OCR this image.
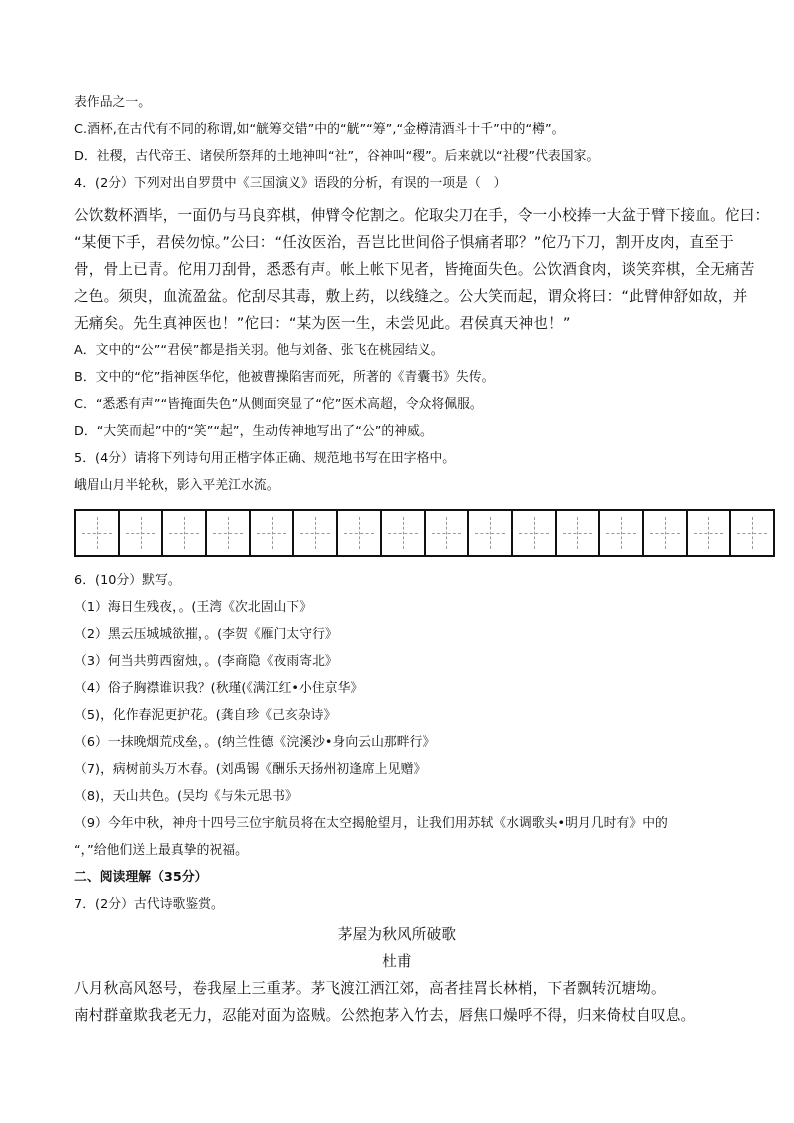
表作品之一。
C.酒杯,在古代有不同的称谓,如“觥筹交错”中的“觥”“筹”,“金樽清酒斗十千”中的“樽”。
D．社稷，古代帝王、诸侯所祭拜的土地神叫“社”，谷神叫“稷”。后来就以“社稷”代表国家。
4．(2分）下列对出自罗贯中《三国演义》语段的分析，有误的一项是（　）
公饮数杯酒毕，一面仍与马良弈棋，伸臂令佗割之。佗取尖刀在手，令一小校捧一大盆于臂下接血。佗曰：
“某便下手，君侯勿惊。”公曰：“任汝医治，吾岂比世间俗子惧痛者耶？”佗乃下刀，割开皮肉，直至于
骨，骨上已青。佗用刀刮骨，悉悉有声。帐上帐下见者，皆掩面失色。公饮酒食肉，谈笑弈棋，全无痛苦
之色。须臾，血流盈盆。佗刮尽其毒，敷上药，以线缝之。公大笑而起，谓众将曰：“此臂伸舒如故，并
无痛矣。先生真神医也！”佗曰：“某为医一生，未尝见此。君侯真天神也！”
A．文中的“公”“君侯”都是指关羽。他与刘备、张飞在桃园结义。
B．文中的“佗”指神医华佗，他被曹操陷害而死，所著的《青囊书》失传。
C．“悉悉有声”“皆掩面失色”从侧面突显了“佗”医术高超，令众将佩服。
D．“大笑而起”中的“笑”“起”，生动传神地写出了“公”的神威。
5．(4分）请将下列诗句用正楷字体正确、规范地书写在田字格中。
峨眉山月半轮秋，影入平羌江水流。
6．(10分）默写。
（1）海日生残夜，。(王湾《次北固山下》
（2）黑云压城城欲摧，。(李贺《雁门太守行》
（3）何当共剪西窗烛，。(李商隐《夜雨寄北》
（4）俗子胸襟谁识我？(秋瑾(《满江红•小住京华》
（5)，化作春泥更护花。(龚自珍《己亥杂诗》
（6）一抹晚烟荒戍垒，。(纳兰性德《浣溪沙•身向云山那畔行》
（7)，病树前头万木春。(刘禹锡《酬乐天扬州初逢席上见赠》
（8)，天山共色。(吴均《与朱元思书》
（9）今年中秋，神舟十四号三位宇航员将在太空揭舱望月，让我们用苏轼《水调歌头•明月几时有》中的
“，”给他们送上最真挚的祝福。
二、阅读理解（35分）
7．(2分）古代诗歌鉴赏。
茅屋为秋风所破歌
杜甫
八月秋高风怒号，卷我屋上三重茅。茅飞渡江洒江郊，高者挂罥长林梢，下者飘转沉塘坳。
南村群童欺我老无力，忍能对面为盗贼。公然抱茅入竹去，唇焦口燥呼不得，归来倚杖自叹息。
